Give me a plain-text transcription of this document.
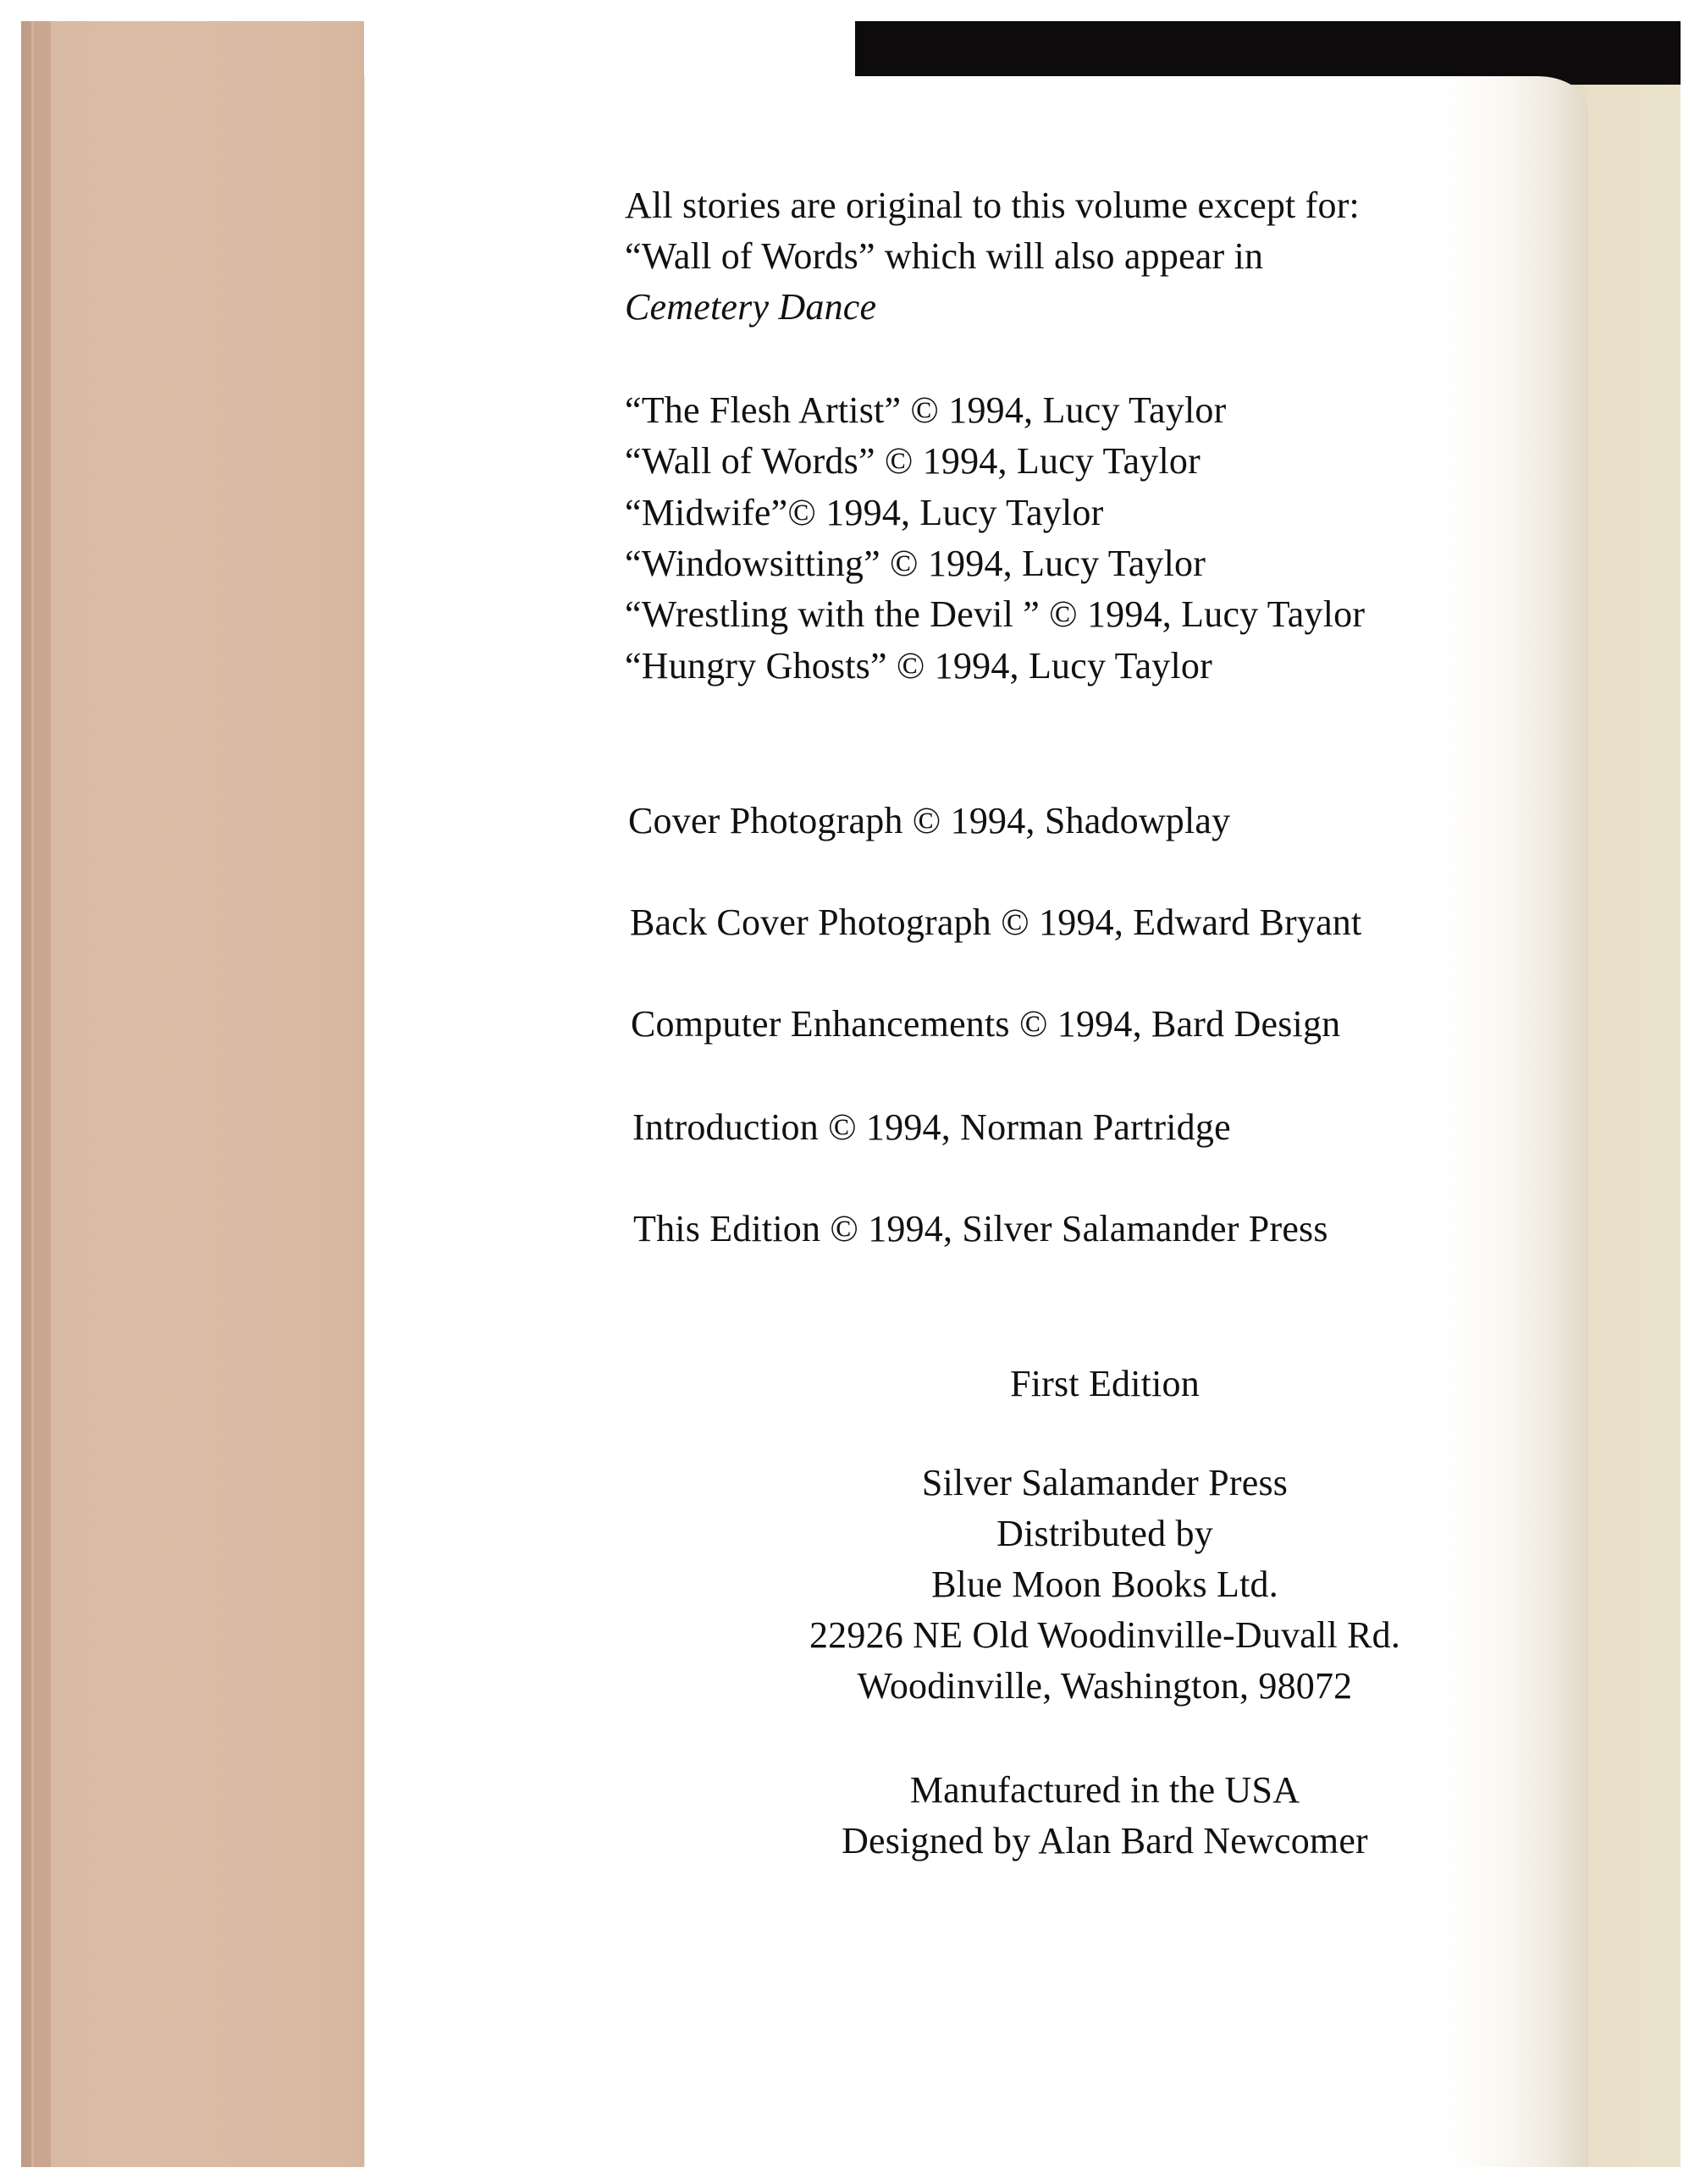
All stories are original to this volume except for:
“Wall of Words” which will also appear in
Cemetery Dance
“The Flesh Artist” © 1994, Lucy Taylor
“Wall of Words” © 1994, Lucy Taylor
“Midwife”© 1994, Lucy Taylor
“Windowsitting” © 1994, Lucy Taylor
“Wrestling with the Devil ” © 1994, Lucy Taylor
“Hungry Ghosts” © 1994, Lucy Taylor
Cover Photograph © 1994, Shadowplay
Back Cover Photograph © 1994, Edward Bryant
Computer Enhancements © 1994, Bard Design
Introduction © 1994, Norman Partridge
This Edition © 1994, Silver Salamander Press
First Edition
Silver Salamander Press
Distributed by
Blue Moon Books Ltd.
22926 NE Old Woodinville-Duvall Rd.
Woodinville, Washington, 98072
Manufactured in the USA
Designed by Alan Bard Newcomer
